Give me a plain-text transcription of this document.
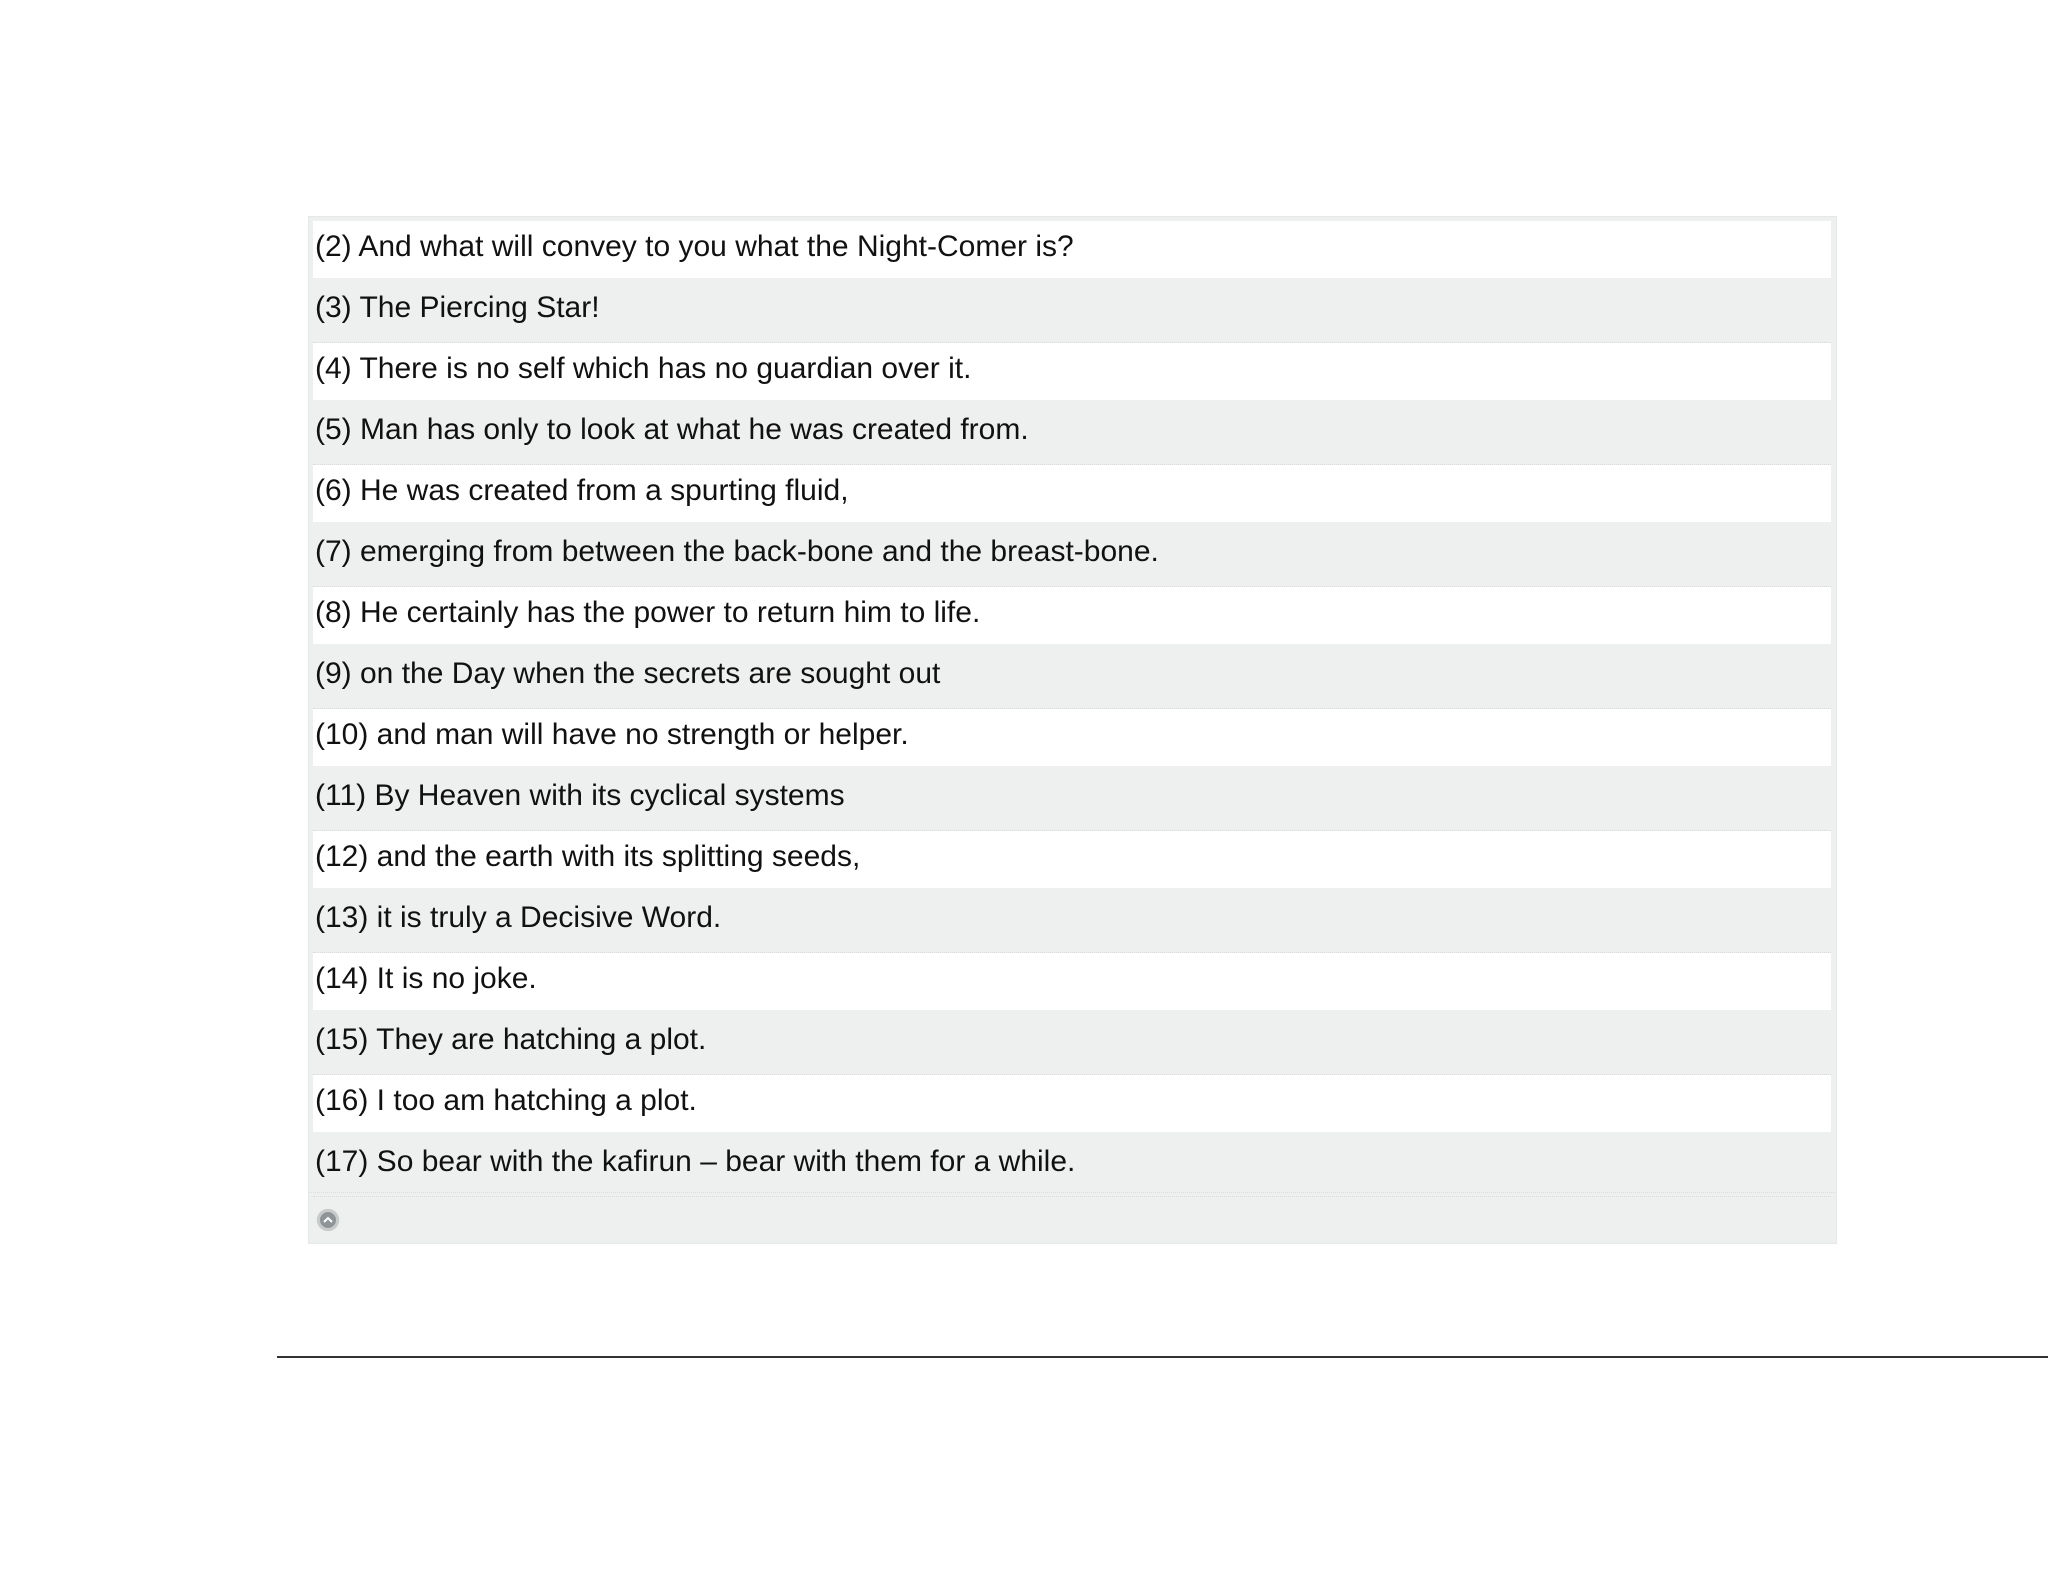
(2) And what will convey to you what the Night-Comer is?
(3) The Piercing Star!
(4) There is no self which has no guardian over it.
(5) Man has only to look at what he was created from.
(6) He was created from a spurting fluid,
(7) emerging from between the back-bone and the breast-bone.
(8) He certainly has the power to return him to life.
(9) on the Day when the secrets are sought out
(10) and man will have no strength or helper.
(11) By Heaven with its cyclical systems
(12) and the earth with its splitting seeds,
(13) it is truly a Decisive Word.
(14) It is no joke.
(15) They are hatching a plot.
(16) I too am hatching a plot.
(17) So bear with the kafirun – bear with them for a while.
